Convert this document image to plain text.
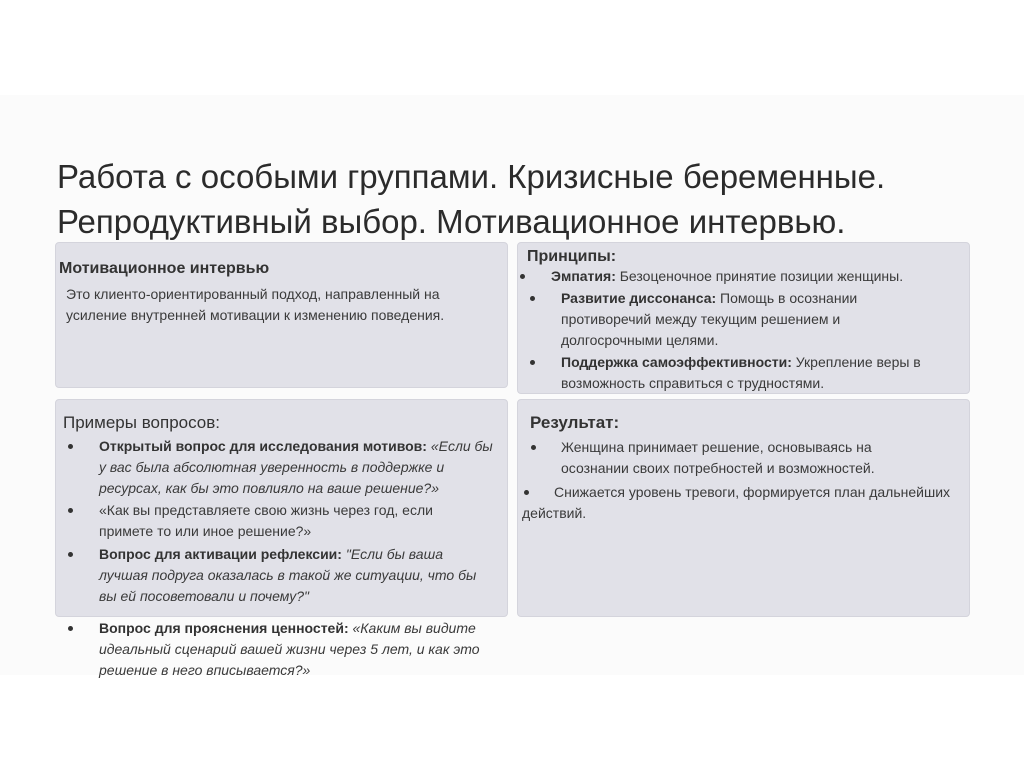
Работа с особыми группами. Кризисные беременные.
Репродуктивный выбор. Мотивационное интервью.
Мотивационное интервью
Это клиенто-ориентированный подход, направленный на усиление внутренней мотивации к изменению поведения.
Принципы:
Эмпатия: Безоценочное принятие позиции женщины.
Развитие диссонанса: Помощь в осознании противоречий между текущим решением и долгосрочными целями.
Поддержка самоэффективности: Укрепление веры в возможность справиться с трудностями.
Примеры вопросов:
Открытый вопрос для исследования мотивов: «Если бы у вас была абсолютная уверенность в поддержке и ресурсах, как бы это повлияло на ваше решение?»
«Как вы представляете свою жизнь через год, если примете то или иное решение?»
Вопрос для активации рефлексии: "Если бы ваша лучшая подруга оказалась в такой же ситуации, что бы вы ей посоветовали и почему?"
Вопрос для прояснения ценностей: «Каким вы видите идеальный сценарий вашей жизни через 5 лет, и как это решение в него вписывается?»
Результат:
Женщина принимает решение, основываясь на осознании своих потребностей и возможностей.
Снижается уровень тревоги, формируется план дальнейших действий.
